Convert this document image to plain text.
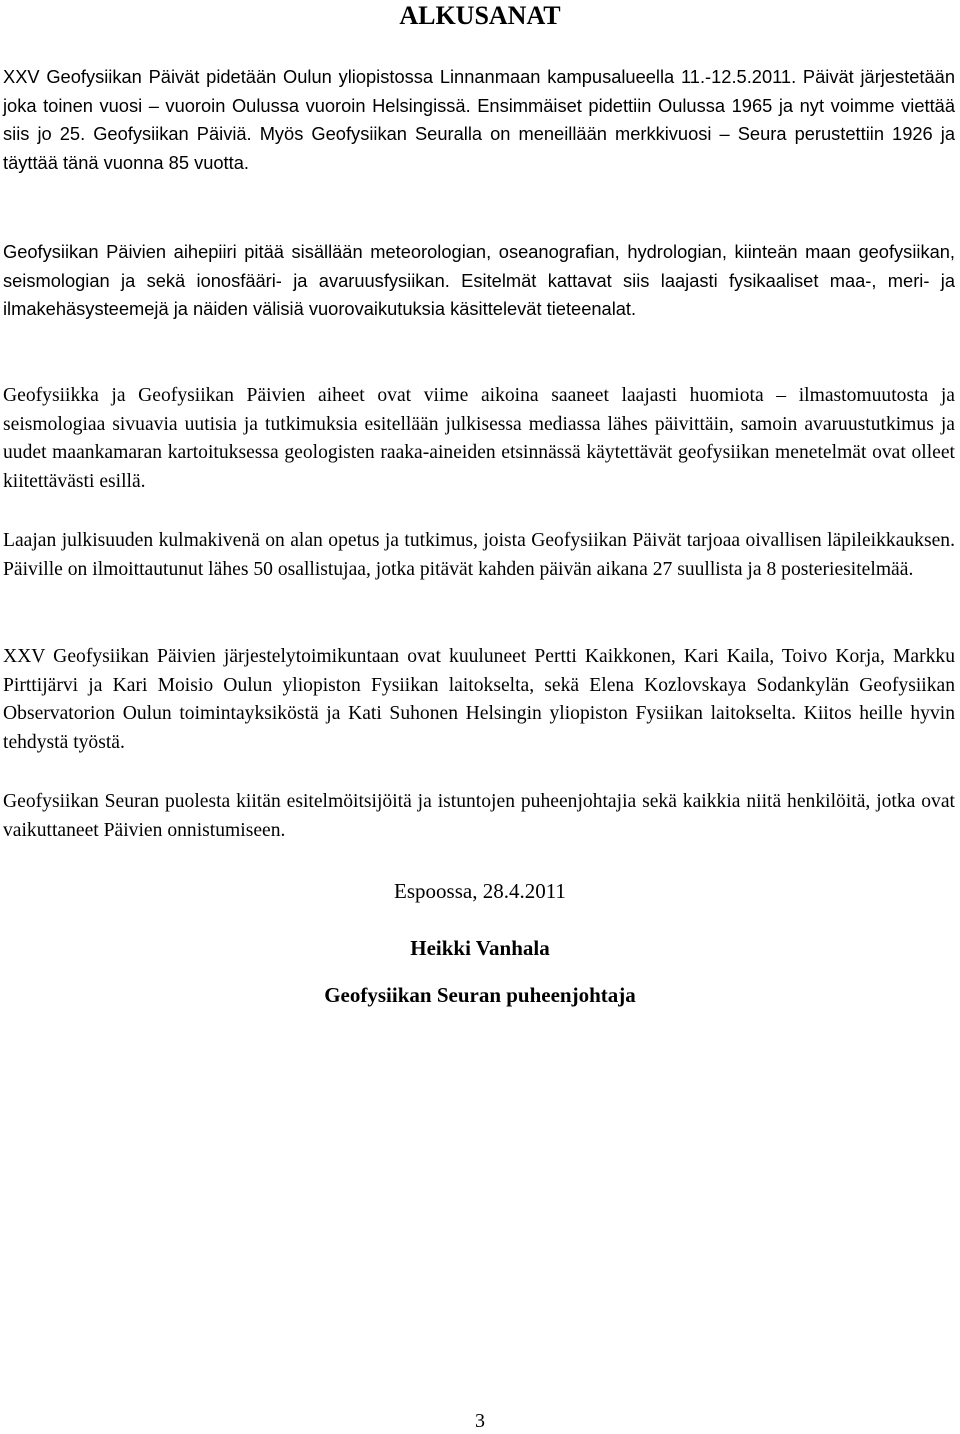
ALKUSANAT

XXV Geofysiikan Päivät pidetään Oulun yliopistossa Linnanmaan kampusalueella 11.-12.5.2011. Päivät järjestetään joka toinen vuosi – vuoroin Oulussa vuoroin Helsingissä. Ensimmäiset pidettiin Oulussa 1965 ja nyt voimme viettää siis jo 25. Geofysiikan Päiviä. Myös Geofysiikan Seuralla on meneillään merkkivuosi – Seura perustettiin 1926 ja täyttää tänä vuonna 85 vuotta.

Geofysiikan Päivien aihepiiri pitää sisällään meteorologian, oseanografian, hydrologian, kiinteän maan geofysiikan, seismologian ja sekä ionosfääri- ja avaruusfysiikan. Esitelmät kattavat siis laajasti fysikaaliset maa-, meri- ja ilmakehäsysteemejä ja näiden välisiä vuorovaikutuksia käsittelevät tieteenalat.

Geofysiikka ja Geofysiikan Päivien aiheet ovat viime aikoina saaneet laajasti huomiota – ilmastomuutosta ja seismologiaa sivuavia uutisia ja tutkimuksia esitellään julkisessa mediassa lähes päivittäin, samoin avaruustutkimus ja uudet maankamaran kartoituksessa geologisten raaka-aineiden etsinnässä käytettävät geofysiikan menetelmät ovat olleet kiitettävästi esillä.

Laajan julkisuuden kulmakivenä on alan opetus ja tutkimus, joista Geofysiikan Päivät tarjoaa oivallisen läpileikkauksen. Päiville on ilmoittautunut lähes 50 osallistujaa, jotka pitävät kahden päivän aikana 27 suullista ja 8 posteriesitelmää.

XXV Geofysiikan Päivien järjestelytoimikuntaan ovat kuuluneet Pertti Kaikkonen, Kari Kaila, Toivo Korja, Markku Pirttijärvi ja Kari Moisio Oulun yliopiston Fysiikan laitokselta, sekä Elena Kozlovskaya Sodankylän Geofysiikan Observatorion Oulun toimintayksiköstä ja Kati Suhonen Helsingin yliopiston Fysiikan laitokselta. Kiitos heille hyvin tehdystä työstä.

Geofysiikan Seuran puolesta kiitän esitelmöitsijöitä ja istuntojen puheenjohtajia sekä kaikkia niitä henkilöitä, jotka ovat vaikuttaneet Päivien onnistumiseen.

Espoossa, 28.4.2011

Heikki Vanhala

Geofysiikan Seuran puheenjohtaja

3
